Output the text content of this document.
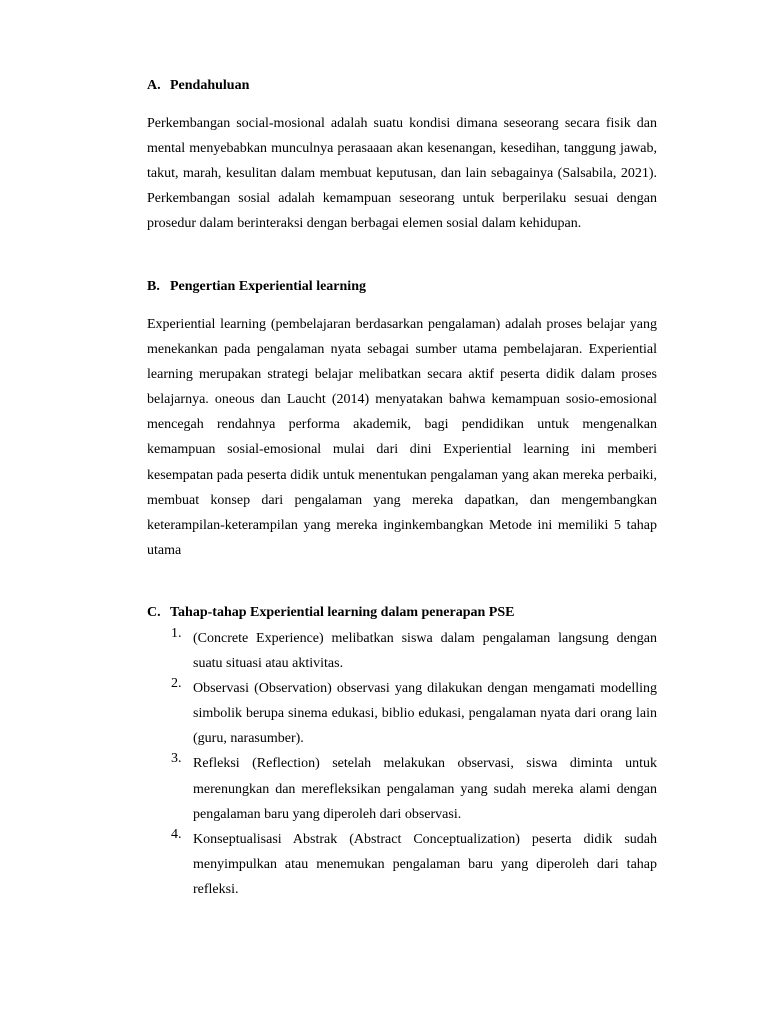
A. Pendahuluan

Perkembangan social-mosional adalah suatu kondisi dimana seseorang secara fisik dan mental menyebabkan munculnya perasaaan akan kesenangan, kesedihan, tanggung jawab, takut, marah, kesulitan dalam membuat keputusan, dan lain sebagainya (Salsabila, 2021). Perkembangan sosial adalah kemampuan seseorang untuk berperilaku sesuai dengan prosedur dalam berinteraksi dengan berbagai elemen sosial dalam kehidupan.

B. Pengertian Experiential learning

Experiential learning (pembelajaran berdasarkan pengalaman) adalah proses belajar yang menekankan pada pengalaman nyata sebagai sumber utama pembelajaran. Experiential learning merupakan strategi belajar melibatkan secara aktif peserta didik dalam proses belajarnya. oneous dan Laucht (2014) menyatakan bahwa kemampuan sosio-emosional mencegah rendahnya performa akademik, bagi pendidikan untuk mengenalkan kemampuan sosial-emosional mulai dari dini Experiential learning ini memberi kesempatan pada peserta didik untuk menentukan pengalaman yang akan mereka perbaiki, membuat konsep dari pengalaman yang mereka dapatkan, dan mengembangkan keterampilan-keterampilan yang mereka inginkembangkan Metode ini memiliki 5 tahap utama

C. Tahap-tahap Experiential learning dalam penerapan PSE
1. (Concrete Experience) melibatkan siswa dalam pengalaman langsung dengan suatu situasi atau aktivitas.
2. Observasi (Observation) observasi yang dilakukan dengan mengamati modelling simbolik berupa sinema edukasi, biblio edukasi, pengalaman nyata dari orang lain (guru, narasumber).
3. Refleksi (Reflection) setelah melakukan observasi, siswa diminta untuk merenungkan dan merefleksikan pengalaman yang sudah mereka alami dengan pengalaman baru yang diperoleh dari observasi.
4. Konseptualisasi Abstrak (Abstract Conceptualization) peserta didik sudah menyimpulkan atau menemukan pengalaman baru yang diperoleh dari tahap refleksi.
